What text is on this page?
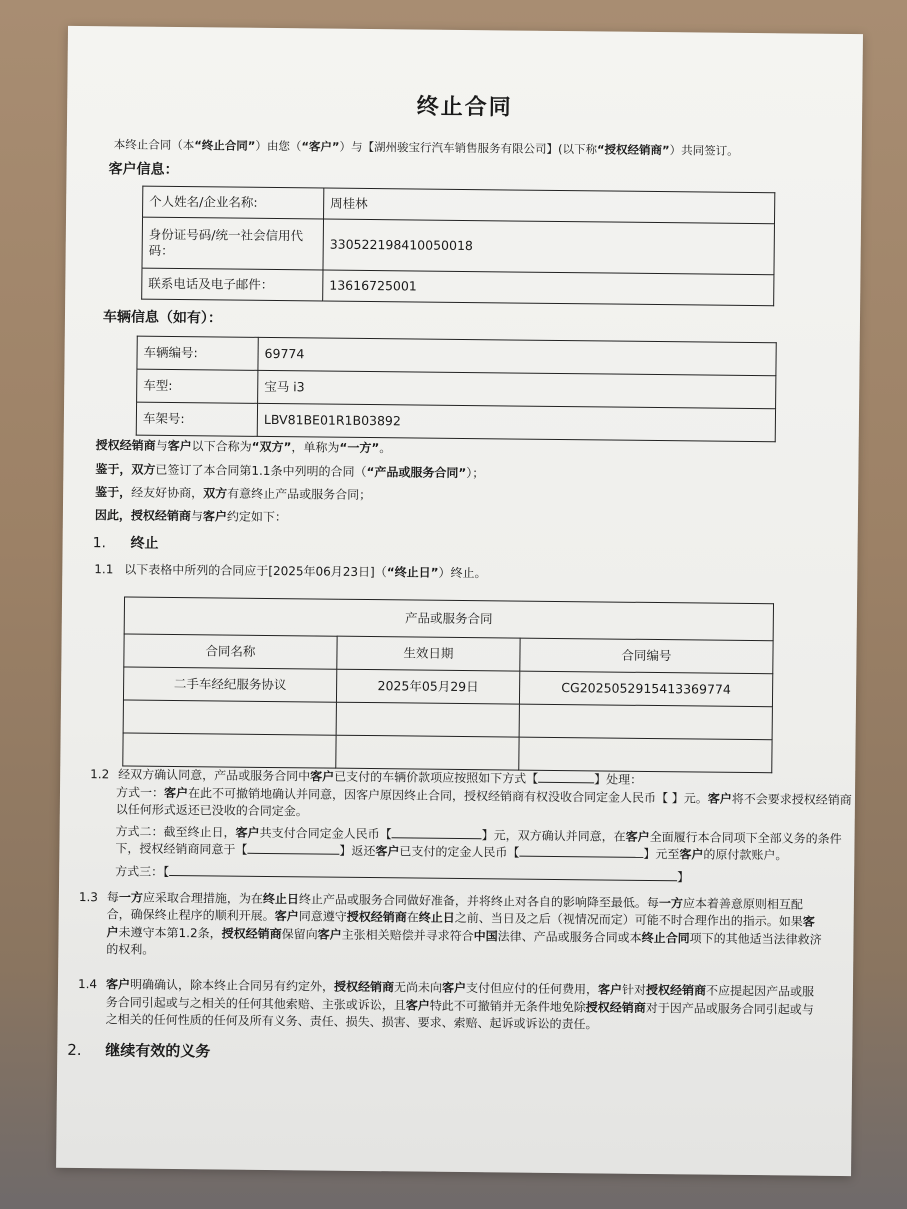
终止合同
本终止合同（本“终止合同”）由您（“客户”）与【湖州骏宝行汽车销售服务有限公司】(以下称“授权经销商”）共同签订。
客户信息：
个人姓名/企业名称:	周桂林
身份证号码/统一社会信用代码：	330522198410050018
联系电话及电子邮件：	13616725001
车辆信息（如有）：
车辆编号:	69774
车型:	宝马 i3
车架号:	LBV81BE01R1B03892

授权经销商与客户以下合称为“双方”，单称为“一方”。

鉴于，双方已签订了本合同第1.1条中列明的合同（“产品或服务合同”）；

鉴于，经友好协商，双方有意终止产品或服务合同；

因此，授权经销商与客户约定如下：

1. 终止

1.1 以下表格中所列的合同应于[2025年06月23日]（“终止日”）终止。

产品或服务合同		
合同名称	生效日期	合同编号
二手车经纪服务协议	2025年05月29日	CG2025052915413369774

1.2 经双方确认同意，产品或服务合同中客户已支付的车辆价款项应按照如下方式【	】处理：

方式一：客户在此不可撤销地确认并同意，因客户原因终止合同，授权经销商有权没收合同定金人民币【 】元。客户将不会要求授权经销商以任何形式返还已没收的合同定金。

方式二：截至终止日，客户共支付合同定金人民币【	】元，双方确认并同意，在客户全面履行本合同项下全部义务的条件下，授权经销商同意于【	】返还客户已支付的定金人民币【	】元至客户的原付款账户。

方式三：【	】

1.3 每一方应采取合理措施，为在终止日终止产品或服务合同做好准备，并将终止对各自的影响降至最低。每一方应本着善意原则相互配合，确保终止程序的顺利开展。客户同意遵守授权经销商在终止日之前、当日及之后（视情况而定）可能不时合理作出的指示。如果客户未遵守本第1.2条，授权经销商保留向客户主张相关赔偿并寻求符合中国法律、产品或服务合同或本终止合同项下的其他适当法律救济的权利。

1.4 客户明确确认，除本终止合同另有约定外，授权经销商无尚未向客户支付但应付的任何费用，客户针对授权经销商不应提起因产品或服务合同引起或与之相关的任何其他索赔、主张或诉讼，且客户特此不可撤销并无条件地免除授权经销商对于因产品或服务合同引起或与之相关的任何性质的任何及所有义务、责任、损失、损害、要求、索赔、起诉或诉讼的责任。

2. 继续有效的义务
